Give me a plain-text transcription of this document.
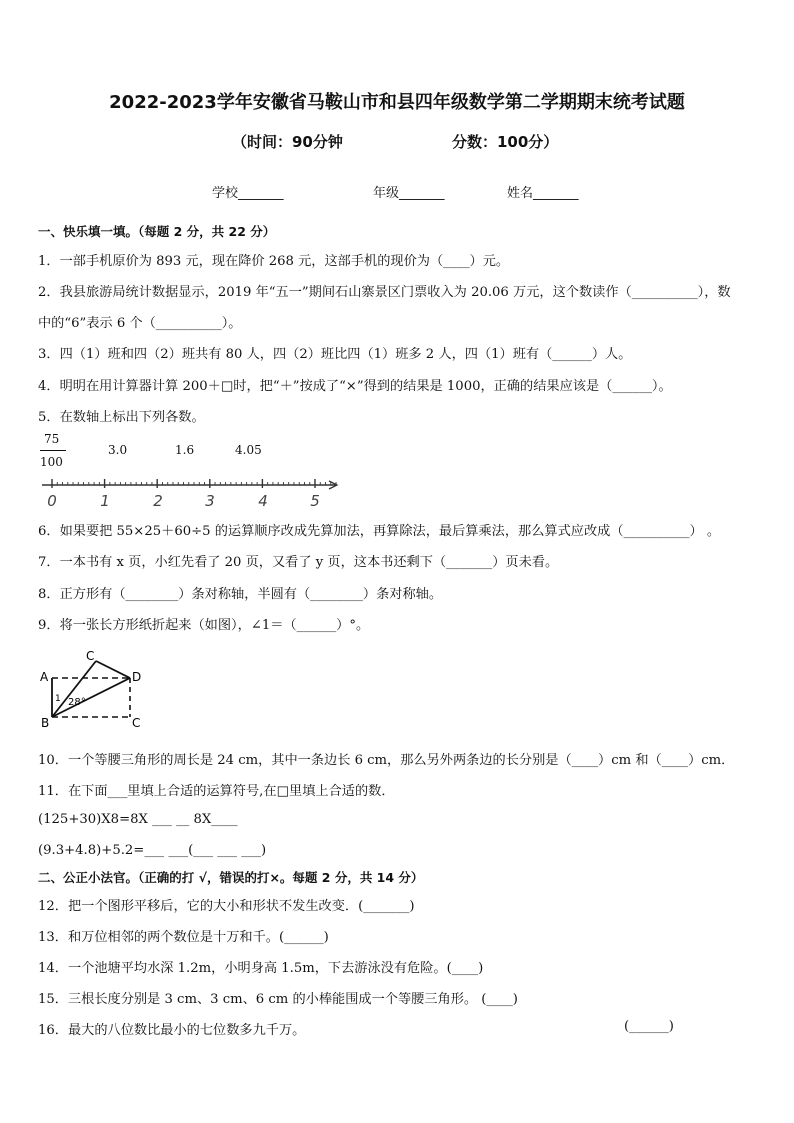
2022-2023学年安徽省马鞍山市和县四年级数学第二学期期末统考试题
（时间：90分钟	分数：100分）
学校_______	年级_______	姓名_______
一、快乐填一填。（每题 2 分，共 22 分）
1．一部手机原价为 893 元，现在降价 268 元，这部手机的现价为（____）元。
2．我县旅游局统计数据显示，2019 年“五一”期间石山寨景区门票收入为 20.06 万元，这个数读作（__________），数
中的“6”表示 6 个（__________）。
3．四（1）班和四（2）班共有 80 人，四（2）班比四（1）班多 2 人，四（1）班有（______）人。
4．明明在用计算器计算 200＋□时，把“＋”按成了“×”得到的结果是 1000，正确的结果应该是（______）。
5．在数轴上标出下列各数。
75
100
3.0	1.6	4.05
0	1	2	3	4	5
6．如果要把 55×25＋60÷5 的运算顺序改成先算加法，再算除法，最后算乘法，那么算式应改成（__________） 。
7．一本书有 x 页，小红先看了 20 页，又看了 y 页，这本书还剩下（_______）页未看。
8．正方形有（________）条对称轴，半圆有（________）条对称轴。
9．将一张长方形纸折起来（如图），∠1＝（______）°。
A
B
C
D
C
1 28°
10．一个等腰三角形的周长是 24 cm，其中一条边长 6 cm，那么另外两条边的长分别是（____）cm 和（____）cm．
11．在下面___里填上合适的运算符号,在□里填上合适的数．
(125+30)X8=8X ___ __ 8X____
(9.3+4.8)+5.2=___ ___(___ ___ ___)
二、公正小法官。（正确的打 √，错误的打×。每题 2 分，共 14 分）
12．把一个图形平移后，它的大小和形状不发生改变．(_______)
13．和万位相邻的两个数位是十万和千。(______)
14．一个池塘平均水深 1.2m，小明身高 1.5m，下去游泳没有危险。(____)
15．三根长度分别是 3 cm、3 cm、6 cm 的小棒能围成一个等腰三角形。 (____)
16．最大的八位数比最小的七位数多九千万。	(______)
